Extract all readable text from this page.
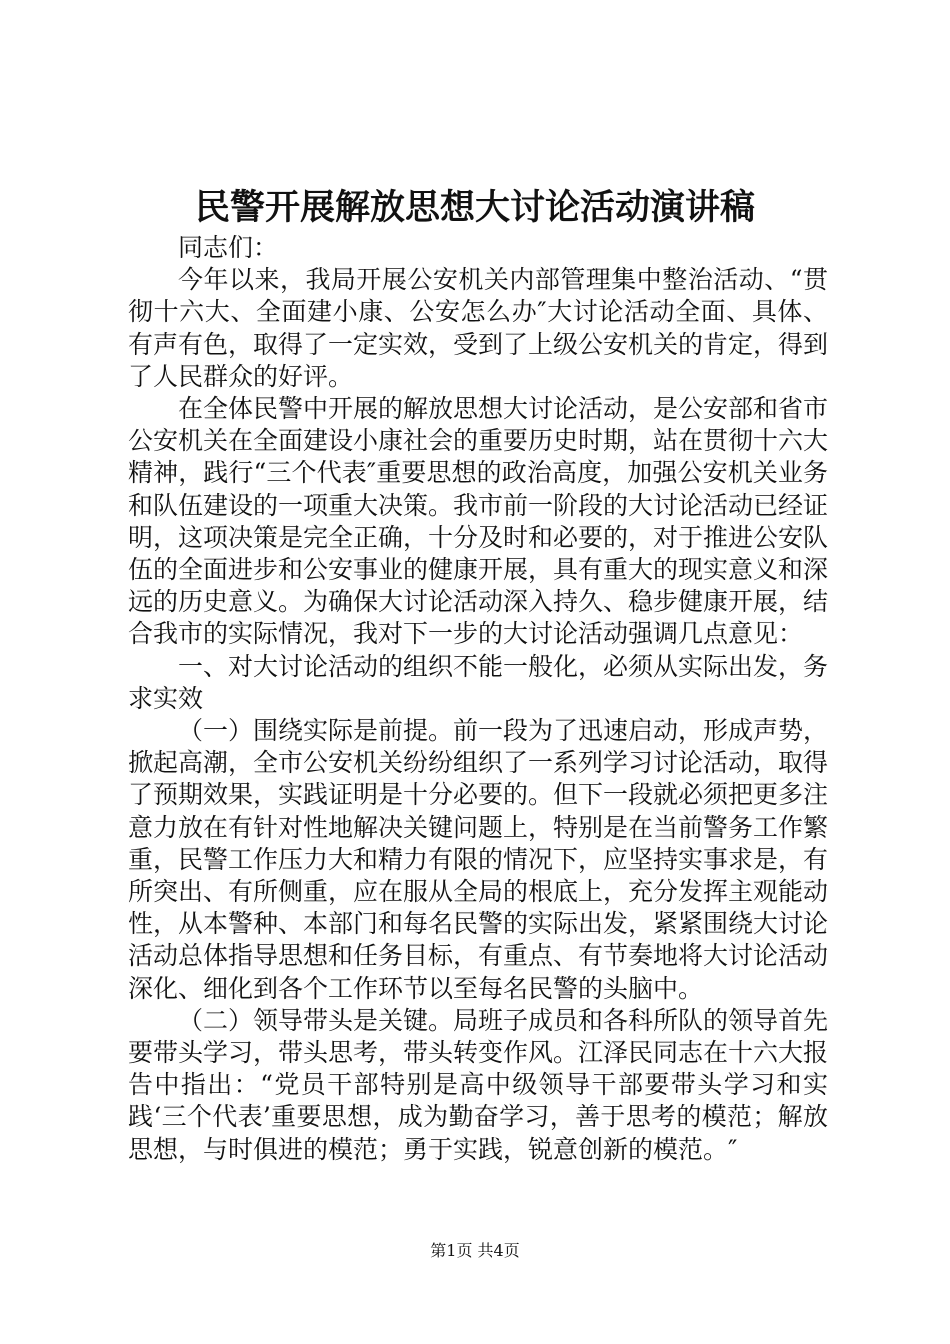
民警开展解放思想大讨论活动演讲稿

同志们：

今年以来，我局开展公安机关内部管理集中整治活动、“贯彻十六大、全面建小康、公安怎么办″大讨论活动全面、具体、有声有色，取得了一定实效，受到了上级公安机关的肯定，得到了人民群众的好评。

在全体民警中开展的解放思想大讨论活动，是公安部和省市公安机关在全面建设小康社会的重要历史时期，站在贯彻十六大精神，践行“三个代表″重要思想的政治高度，加强公安机关业务和队伍建设的一项重大决策。我市前一阶段的大讨论活动已经证明，这项决策是完全正确，十分及时和必要的，对于推进公安队伍的全面进步和公安事业的健康开展，具有重大的现实意义和深远的历史意义。为确保大讨论活动深入持久、稳步健康开展，结合我市的实际情况，我对下一步的大讨论活动强调几点意见：

一、对大讨论活动的组织不能一般化，必须从实际出发，务求实效

（一）围绕实际是前提。前一段为了迅速启动，形成声势，掀起高潮，全市公安机关纷纷组织了一系列学习讨论活动，取得了预期效果，实践证明是十分必要的。但下一段就必须把更多注意力放在有针对性地解决关键问题上，特别是在当前警务工作繁重，民警工作压力大和精力有限的情况下，应坚持实事求是，有所突出、有所侧重，应在服从全局的根底上，充分发挥主观能动性，从本警种、本部门和每名民警的实际出发，紧紧围绕大讨论活动总体指导思想和任务目标，有重点、有节奏地将大讨论活动深化、细化到各个工作环节以至每名民警的头脑中。

（二）领导带头是关键。局班子成员和各科所队的领导首先要带头学习，带头思考，带头转变作风。江泽民同志在十六大报告中指出：“党员干部特别是高中级领导干部要带头学习和实践‘三个代表’重要思想，成为勤奋学习，善于思考的模范；解放思想，与时俱进的模范；勇于实践，锐意创新的模范。″

第1页 共4页
